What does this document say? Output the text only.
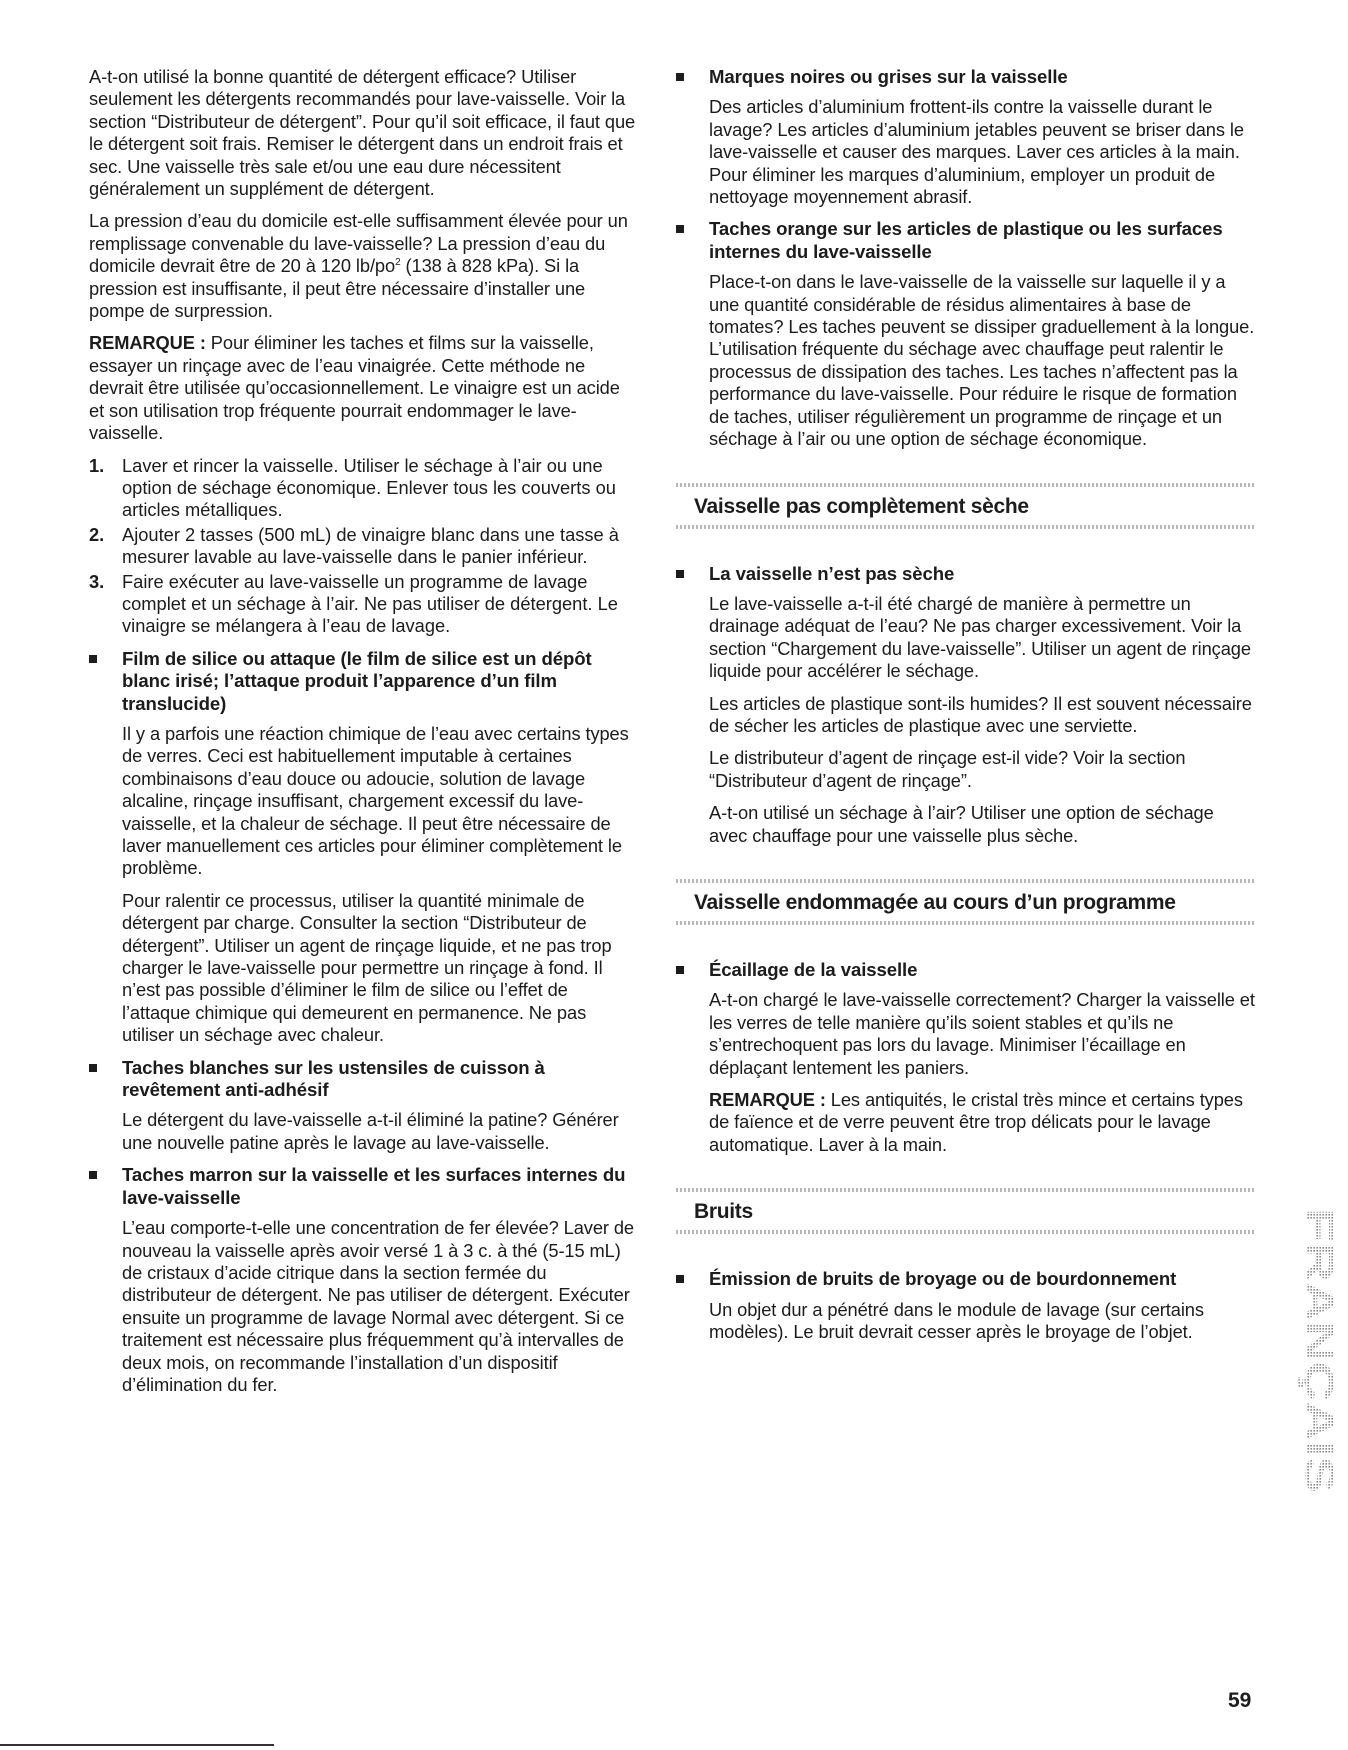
A-t-on utilisé la bonne quantité de détergent efficace? Utiliser seulement les détergents recommandés pour lave-vaisselle. Voir la section “Distributeur de détergent”. Pour qu’il soit efficace, il faut que le détergent soit frais. Remiser le détergent dans un endroit frais et sec. Une vaisselle très sale et/ou une eau dure nécessitent généralement un supplément de détergent.

La pression d’eau du domicile est-elle suffisamment élevée pour un remplissage convenable du lave-vaisselle? La pression d’eau du domicile devrait être de 20 à 120 $lb/po^2$ (138 à 828 kPa). Si la pression est insuffisante, il peut être nécessaire d’installer une pompe de surpression.

REMARQUE : Pour éliminer les taches et films sur la vaisselle, essayer un rinçage avec de l’eau vinaigrée. Cette méthode ne devrait être utilisée qu’occasionnellement. Le vinaigre est un acide et son utilisation trop fréquente pourrait endommager le lave-vaisselle.

1. Laver et rincer la vaisselle. Utiliser le séchage à l’air ou une option de séchage économique. Enlever tous les couverts ou articles métalliques.
2. Ajouter 2 tasses (500 mL) de vinaigre blanc dans une tasse à mesurer lavable au lave-vaisselle dans le panier inférieur.
3. Faire exécuter au lave-vaisselle un programme de lavage complet et un séchage à l’air. Ne pas utiliser de détergent. Le vinaigre se mélangera à l’eau de lavage.

Film de silice ou attaque (le film de silice est un dépôt blanc irisé; l’attaque produit l’apparence d’un film translucide)

Il y a parfois une réaction chimique de l’eau avec certains types de verres. Ceci est habituellement imputable à certaines combinaisons d’eau douce ou adoucie, solution de lavage alcaline, rinçage insuffisant, chargement excessif du lave-vaisselle, et la chaleur de séchage. Il peut être nécessaire de laver manuellement ces articles pour éliminer complètement le problème.

Pour ralentir ce processus, utiliser la quantité minimale de détergent par charge. Consulter la section “Distributeur de détergent”. Utiliser un agent de rinçage liquide, et ne pas trop charger le lave-vaisselle pour permettre un rinçage à fond. Il n’est pas possible d’éliminer le film de silice ou l’effet de l’attaque chimique qui demeurent en permanence. Ne pas utiliser un séchage avec chaleur.

Taches blanches sur les ustensiles de cuisson à revêtement anti-adhésif

Le détergent du lave-vaisselle a-t-il éliminé la patine? Générer une nouvelle patine après le lavage au lave-vaisselle.

Taches marron sur la vaisselle et les surfaces internes du lave-vaisselle

L’eau comporte-t-elle une concentration de fer élevée? Laver de nouveau la vaisselle après avoir versé 1 à 3 c. à thé (5-15 mL) de cristaux d’acide citrique dans la section fermée du distributeur de détergent. Ne pas utiliser de détergent. Exécuter ensuite un programme de lavage Normal avec détergent. Si ce traitement est nécessaire plus fréquemment qu’à intervalles de deux mois, on recommande l’installation d’un dispositif d’élimination du fer.

Marques noires ou grises sur la vaisselle

Des articles d’aluminium frottent-ils contre la vaisselle durant le lavage? Les articles d’aluminium jetables peuvent se briser dans le lave-vaisselle et causer des marques. Laver ces articles à la main. Pour éliminer les marques d’aluminium, employer un produit de nettoyage moyennement abrasif.

Taches orange sur les articles de plastique ou les surfaces internes du lave-vaisselle

Place-t-on dans le lave-vaisselle de la vaisselle sur laquelle il y a une quantité considérable de résidus alimentaires à base de tomates? Les taches peuvent se dissiper graduellement à la longue. L’utilisation fréquente du séchage avec chauffage peut ralentir le processus de dissipation des taches. Les taches n’affectent pas la performance du lave-vaisselle. Pour réduire le risque de formation de taches, utiliser régulièrement un programme de rinçage et un séchage à l’air ou une option de séchage économique.

Vaisselle pas complètement sèche

La vaisselle n’est pas sèche

Le lave-vaisselle a-t-il été chargé de manière à permettre un drainage adéquat de l’eau? Ne pas charger excessivement. Voir la section “Chargement du lave-vaisselle”. Utiliser un agent de rinçage liquide pour accélérer le séchage.

Les articles de plastique sont-ils humides? Il est souvent nécessaire de sécher les articles de plastique avec une serviette.

Le distributeur d’agent de rinçage est-il vide? Voir la section “Distributeur d’agent de rinçage”.

A-t-on utilisé un séchage à l’air? Utiliser une option de séchage avec chauffage pour une vaisselle plus sèche.

Vaisselle endommagée au cours d’un programme

Écaillage de la vaisselle

A-t-on chargé le lave-vaisselle correctement? Charger la vaisselle et les verres de telle manière qu’ils soient stables et qu’ils ne s’entrechoquent pas lors du lavage. Minimiser l’écaillage en déplaçant lentement les paniers.

REMARQUE : Les antiquités, le cristal très mince et certains types de faïence et de verre peuvent être trop délicats pour le lavage automatique. Laver à la main.

Bruits

Émission de bruits de broyage ou de bourdonnement

Un objet dur a pénétré dans le module de lavage (sur certains modèles). Le bruit devrait cesser après le broyage de l’objet.	FRANÇAIS
59
